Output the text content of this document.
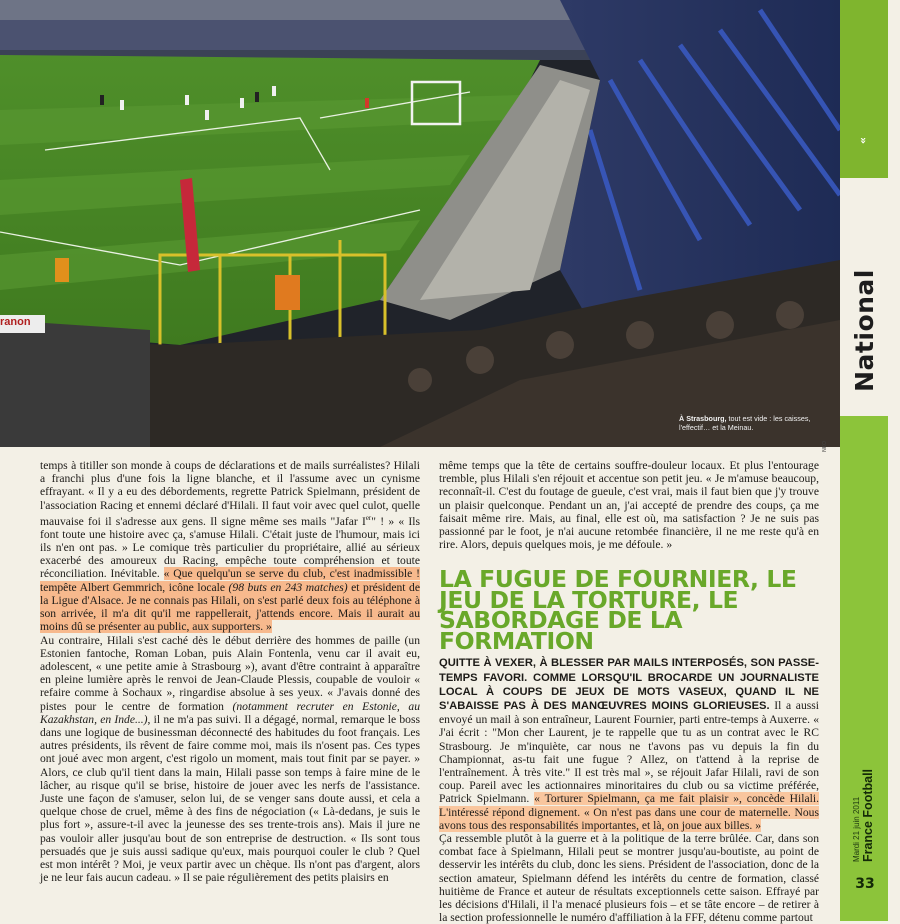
ranon
À Strasbourg, tout est vide : les caisses, l'effectif… et la Meinau.
NKO
»
National
Mardi 21 juin 2011 France Football
33

temps à titiller son monde à coups de déclarations et de mails surréalistes? Hilali a franchi plus d'une fois la ligne blanche, et il l'assume avec un cynisme effrayant. « Il y a eu des débordements, regrette Patrick Spielmann, président de l'association Racing et ennemi déclaré d'Hilali. Il faut voir avec quel culot, quelle mauvaise foi il s'adresse aux gens. Il signe même ses mails "Jafar Ier" ! » « Ils font toute une histoire avec ça, s'amuse Hilali. C'était juste de l'humour, mais ici ils n'en ont pas. » Le comique très particulier du propriétaire, allié au sérieux exacerbé des amoureux du Racing, empêche toute compréhension et toute réconciliation. Inévitable. « Que quelqu'un se serve du club, c'est inadmissible ! tempête Albert Gemmrich, icône locale (98 buts en 243 matches) et président de la Ligue d'Alsace. Je ne connais pas Hilali, on s'est parlé deux fois au téléphone à son arrivée, il m'a dit qu'il me rappellerait, j'attends encore. Mais il aurait au moins dû se présenter au public, aux supporters. »

Au contraire, Hilali s'est caché dès le début derrière des hommes de paille (un Estonien fantoche, Roman Loban, puis Alain Fontenla, venu car il avait eu, adolescent, « une petite amie à Strasbourg »), avant d'être contraint à apparaître en pleine lumière après le renvoi de Jean-Claude Plessis, coupable de vouloir « refaire comme à Sochaux », ringardise absolue à ses yeux. « J'avais donné des pistes pour le centre de formation (notamment recruter en Estonie, au Kazakhstan, en Inde...), il ne m'a pas suivi. Il a dégagé, normal, remarque le boss dans une logique de businessman déconnecté des habitudes du foot français. Les autres présidents, ils rêvent de faire comme moi, mais ils n'osent pas. Ces types ont joué avec mon argent, c'est rigolo un moment, mais tout finit par se payer. » Alors, ce club qu'il tient dans la main, Hilali passe son temps à faire mine de le lâcher, au risque qu'il se brise, histoire de jouer avec les nerfs de l'assistance. Juste une façon de s'amuser, selon lui, de se venger sans doute aussi, et cela a quelque chose de cruel, même à des fins de négociation (« Là-dedans, je suis le plus fort », assure-t-il avec la jeunesse des ses trente-trois ans). Mais il jure ne pas vouloir aller jusqu'au bout de son entreprise de destruction. « Ils sont tous persuadés que je suis aussi sadique qu'eux, mais pourquoi couler le club ? Quel est mon intérêt ? Moi, je veux partir avec un chèque. Ils n'ont pas d'argent, alors je ne leur fais aucun cadeau. » Il se paie régulièrement des petits plaisirs en

même temps que la tête de certains souffre-douleur locaux. Et plus l'entourage tremble, plus Hilali s'en réjouit et accentue son petit jeu. « Je m'amuse beaucoup, reconnaît-il. C'est du foutage de gueule, c'est vrai, mais il faut bien que j'y trouve un plaisir quelconque. Pendant un an, j'ai accepté de prendre des coups, ça me faisait même rire. Mais, au final, elle est où, ma satisfaction ? Je ne suis pas passionné par le foot, je n'ai aucune retombée financière, il ne me reste qu'à en rire. Alors, depuis quelques mois, je me défoule. »

LA FUGUE DE FOURNIER, LE JEU DE LA TORTURE, LE SABORDAGE DE LA FORMATION

QUITTE À VEXER, À BLESSER PAR MAILS INTERPOSÉS, SON PASSE-TEMPS FAVORI. COMME LORSQU'IL BROCARDE UN JOURNALISTE LOCAL À COUPS DE JEUX DE MOTS VASEUX, QUAND IL NE S'ABAISSE PAS À DES MANŒUVRES MOINS GLORIEUSES. Il a aussi envoyé un mail à son entraîneur, Laurent Fournier, parti entre-temps à Auxerre. « J'ai écrit : "Mon cher Laurent, je te rappelle que tu as un contrat avec le RC Strasbourg. Je m'inquiète, car nous ne t'avons pas vu depuis la fin du Championnat, as-tu fait une fugue ? Allez, on t'attend à la reprise de l'entraînement. À très vite." Il est très mal », se réjouit Jafar Hilali, ravi de son coup. Pareil avec les actionnaires minoritaires du club ou sa victime préférée, Patrick Spielmann. « Torturer Spielmann, ça me fait plaisir », concède Hilali. L'intéressé répond dignement. « On n'est pas dans une cour de maternelle. Nous avons tous des responsabilités importantes, et là, on joue aux billes. »

Ça ressemble plutôt à la guerre et à la politique de la terre brûlée. Car, dans son combat face à Spielmann, Hilali peut se montrer jusqu'au-boutiste, au point de desservir les intérêts du club, donc les siens. Président de l'association, donc de la section amateur, Spielmann défend les intérêts du centre de formation, classé huitième de France et auteur de résultats exceptionnels cette saison. Effrayé par les décisions d'Hilali, il l'a menacé plusieurs fois – et se tâte encore – de retirer à la section professionnelle le numéro d'affiliation à la FFF, détenu comme partout
